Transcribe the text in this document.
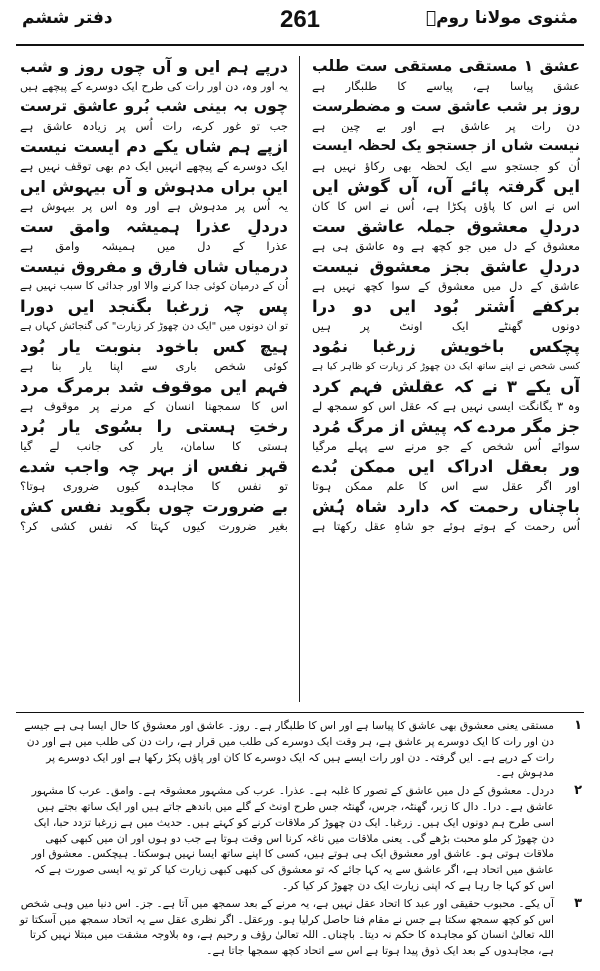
دفتر ششم	261	مثنوی مولانا رومؒ
عشق ۱ مستقی مستقی ست طلب
عشق پیاسا ہے، پیاسے کا طلبگار ہے
روز بر شب عاشق ست و مضطرست
دن رات پر عاشق ہے اور بے چین ہے
نیست شاں از جستجو یک لحظہ ایست
اُن کو جستجو سے ایک لحظہ بھی رکاؤ نہیں ہے
ایں گرفتہ پائے آں، آں گوشِ ایں
اس نے اس کا پاؤں پکڑا ہے، اُس نے اس کا کان
دردلِ معشوق جملہ عاشق ست
معشوق کے دل میں جو کچھ ہے وہ عاشق ہی ہے
دردلِ عاشق بجز معشوق نیست
عاشق کے دل میں معشوق کے سوا کچھ نہیں ہے
برکفے اُشتر بُود ایں دو درا
دونوں گھنٹے ایک اونٹ پر ہیں
پچکس باخویش زرغبا نمُود
کسی شخص نے اپنے ساتھ ایک دن چھوڑ کر زیارت کو ظاہر کیا ہے
آں یکے ۳ نے کہ عقلش فہم کرد
وہ ۳ یگانگت ایسی نہیں ہے کہ عقل اس کو سمجھ لے
جز مگر مردے کہ پیش از مرگ مُرد
سوائے اُس شخص کے جو مرنے سے پہلے مرگیا
ور بعقل ادراک ایں ممکن بُدے
اور اگر عقل سے اس کا علم ممکن ہوتا
باچناں رحمت کہ دارد شاہ ہُش
اُس رحمت کے ہوتے ہوئے جو شاہِ عقل رکھتا ہے
درپے ہم ایں و آں چوں روز و شب
یہ اور وہ، دن اور رات کی طرح ایک دوسرے کے پیچھے ہیں
چوں بہ بینی شب بُرو عاشق ترست
جب تو غور کرے، رات اُس پر زیادہ عاشق ہے
ازپے ہم شاں یکے دم ایست نیست
ایک دوسرے کے پیچھے انہیں ایک دم بھی توقف نہیں ہے
ایں براں مدہوش و آں بیہوش ایں
یہ اُس پر مدہوش ہے اور وہ اس پر بیہوش ہے
دردلِ عذرا ہمیشہ وامق ست
عذرا کے دل میں ہمیشہ وامق ہے
درمیاں شاں فارق و مفروق نیست
اُن کے درمیان کوئی جدا کرنے والا اور جدائی کا سبب نہیں ہے
پس چہ زرغبا بگنجد ایں دورا
تو ان دونوں میں "ایک دن چھوڑ کر زیارت" کی گنجائش کہاں ہے
ہیچ کس باخود بنوبت یار بُود
کوئی شخص باری سے اپنا یار بنا ہے
فہم ایں موقوف شد برمرگ مرد
اس کا سمجھنا انسان کے مرنے پر موقوف ہے
رختِ ہستی را بسُوی یار بُرد
ہستی کا سامان، یار کی جانب لے گیا
قہرِ نفس از بہر چہ واجب شدے
تو نفس کا مجاہدہ کیوں ضروری ہوتا؟
بے ضرورت چوں بگوید نفس کش
بغیر ضرورت کیوں کہتا کہ نفس کشی کر؟
۱
مستقی یعنی معشوق بھی عاشق کا پیاسا ہے اور اس کا طلبگار ہے۔ روز۔ عاشق اور معشوق کا حال ایسا ہی ہے جیسے دن اور رات کا ایک دوسرے پر عاشق ہے، ہر وقت ایک دوسرے کی طلب میں قرار ہے، رات دن کی طلب میں ہے اور دن رات کے درپے ہے۔ ایں گرفتہ۔ دن اور رات ایسے ہیں کہ ایک دوسرے کا کان اور پاؤں پکڑ رکھا ہے اور ایک دوسرے پر مدہوش ہے۔
۲
دردل۔ معشوق کے دل میں عاشق کے تصور کا غلبہ ہے۔ عذرا۔ عرب کی مشہور معشوقہ ہے۔ وامق۔ عرب کا مشہور عاشق ہے۔ درا۔ دال کا زبر، گھنٹہ، جرس، گھنٹہ جس طرح اونٹ کے گلے میں باندھے جاتے ہیں اور ایک ساتھ بجتے ہیں اسی طرح ہم دونوں ایک ہیں۔ زرغبا۔ ایک دن چھوڑ کر ملاقات کرنے کو کہتے ہیں۔ حدیث میں ہے زرغبا تزدد حبا، ایک دن چھوڑ کر ملو محبت بڑھے گی۔ یعنی ملاقات میں ناغہ کرنا اس وقت ہوتا ہے جب دو ہوں اور ان میں کبھی کبھی ملاقات ہوتی ہو۔ عاشق اور معشوق ایک ہی ہوتے ہیں، کسی کا اپنے ساتھ ایسا نہیں ہوسکتا۔ ہیچکس۔ معشوق اور عاشق میں اتحاد ہے، اگر عاشق سے یہ کہا جائے کہ تو معشوق کی کبھی کبھی زیارت کیا کر تو یہ ایسی صورت ہے کہ اس کو کہا جا رہا ہے کہ اپنی زیارت ایک دن چھوڑ کر کیا کر۔
۳
آں یکے۔ محبوب حقیقی اور عبد کا اتحاد عقل نہیں ہے، یہ مرنے کے بعد سمجھ میں آتا ہے۔ جز۔ اس دنیا میں وہی شخص اس کو کچھ سمجھ سکتا ہے جس نے مقام فنا حاصل کرلیا ہو۔ ورعقل۔ اگر نظری عقل سے یہ اتحاد سمجھ میں آسکتا تو اللہ تعالیٰ انسان کو مجاہدہ کا حکم نہ دیتا۔ باچناں۔ اللہ تعالیٰ رؤف و رحیم ہے، وہ بلاوجہ مشقت میں مبتلا نہیں کرتا ہے، مجاہدوں کے بعد ایک ذوق پیدا ہوتا ہے اس سے اتحاد کچھ سمجھا جاتا ہے۔
